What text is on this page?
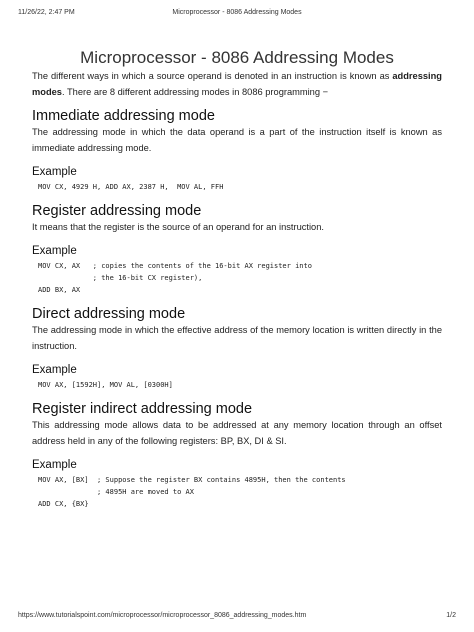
11/26/22, 2:47 PM	Microprocessor - 8086 Addressing Modes
Microprocessor - 8086 Addressing Modes

The different ways in which a source operand is denoted in an instruction is known as addressing modes. There are 8 different addressing modes in 8086 programming −

Immediate addressing mode

The addressing mode in which the data operand is a part of the instruction itself is known as immediate addressing mode.

Example
MOV CX, 4929 H, ADD AX, 2387 H,  MOV AL, FFH
Register addressing mode

It means that the register is the source of an operand for an instruction.

Example
MOV CX, AX   ; copies the contents of the 16-bit AX register into
; the 16-bit CX register),
ADD BX, AX
Direct addressing mode

The addressing mode in which the effective address of the memory location is written directly in the instruction.

Example
MOV AX, [1592H], MOV AL, [0300H]
Register indirect addressing mode

This addressing mode allows data to be addressed at any memory location through an offset address held in any of the following registers: BP, BX, DI & SI.

Example
MOV AX, [BX]  ; Suppose the register BX contains 4895H, then the contents
; 4895H are moved to AX
ADD CX, {BX}
https://www.tutorialspoint.com/microprocessor/microprocessor_8086_addressing_modes.htm	1/2
